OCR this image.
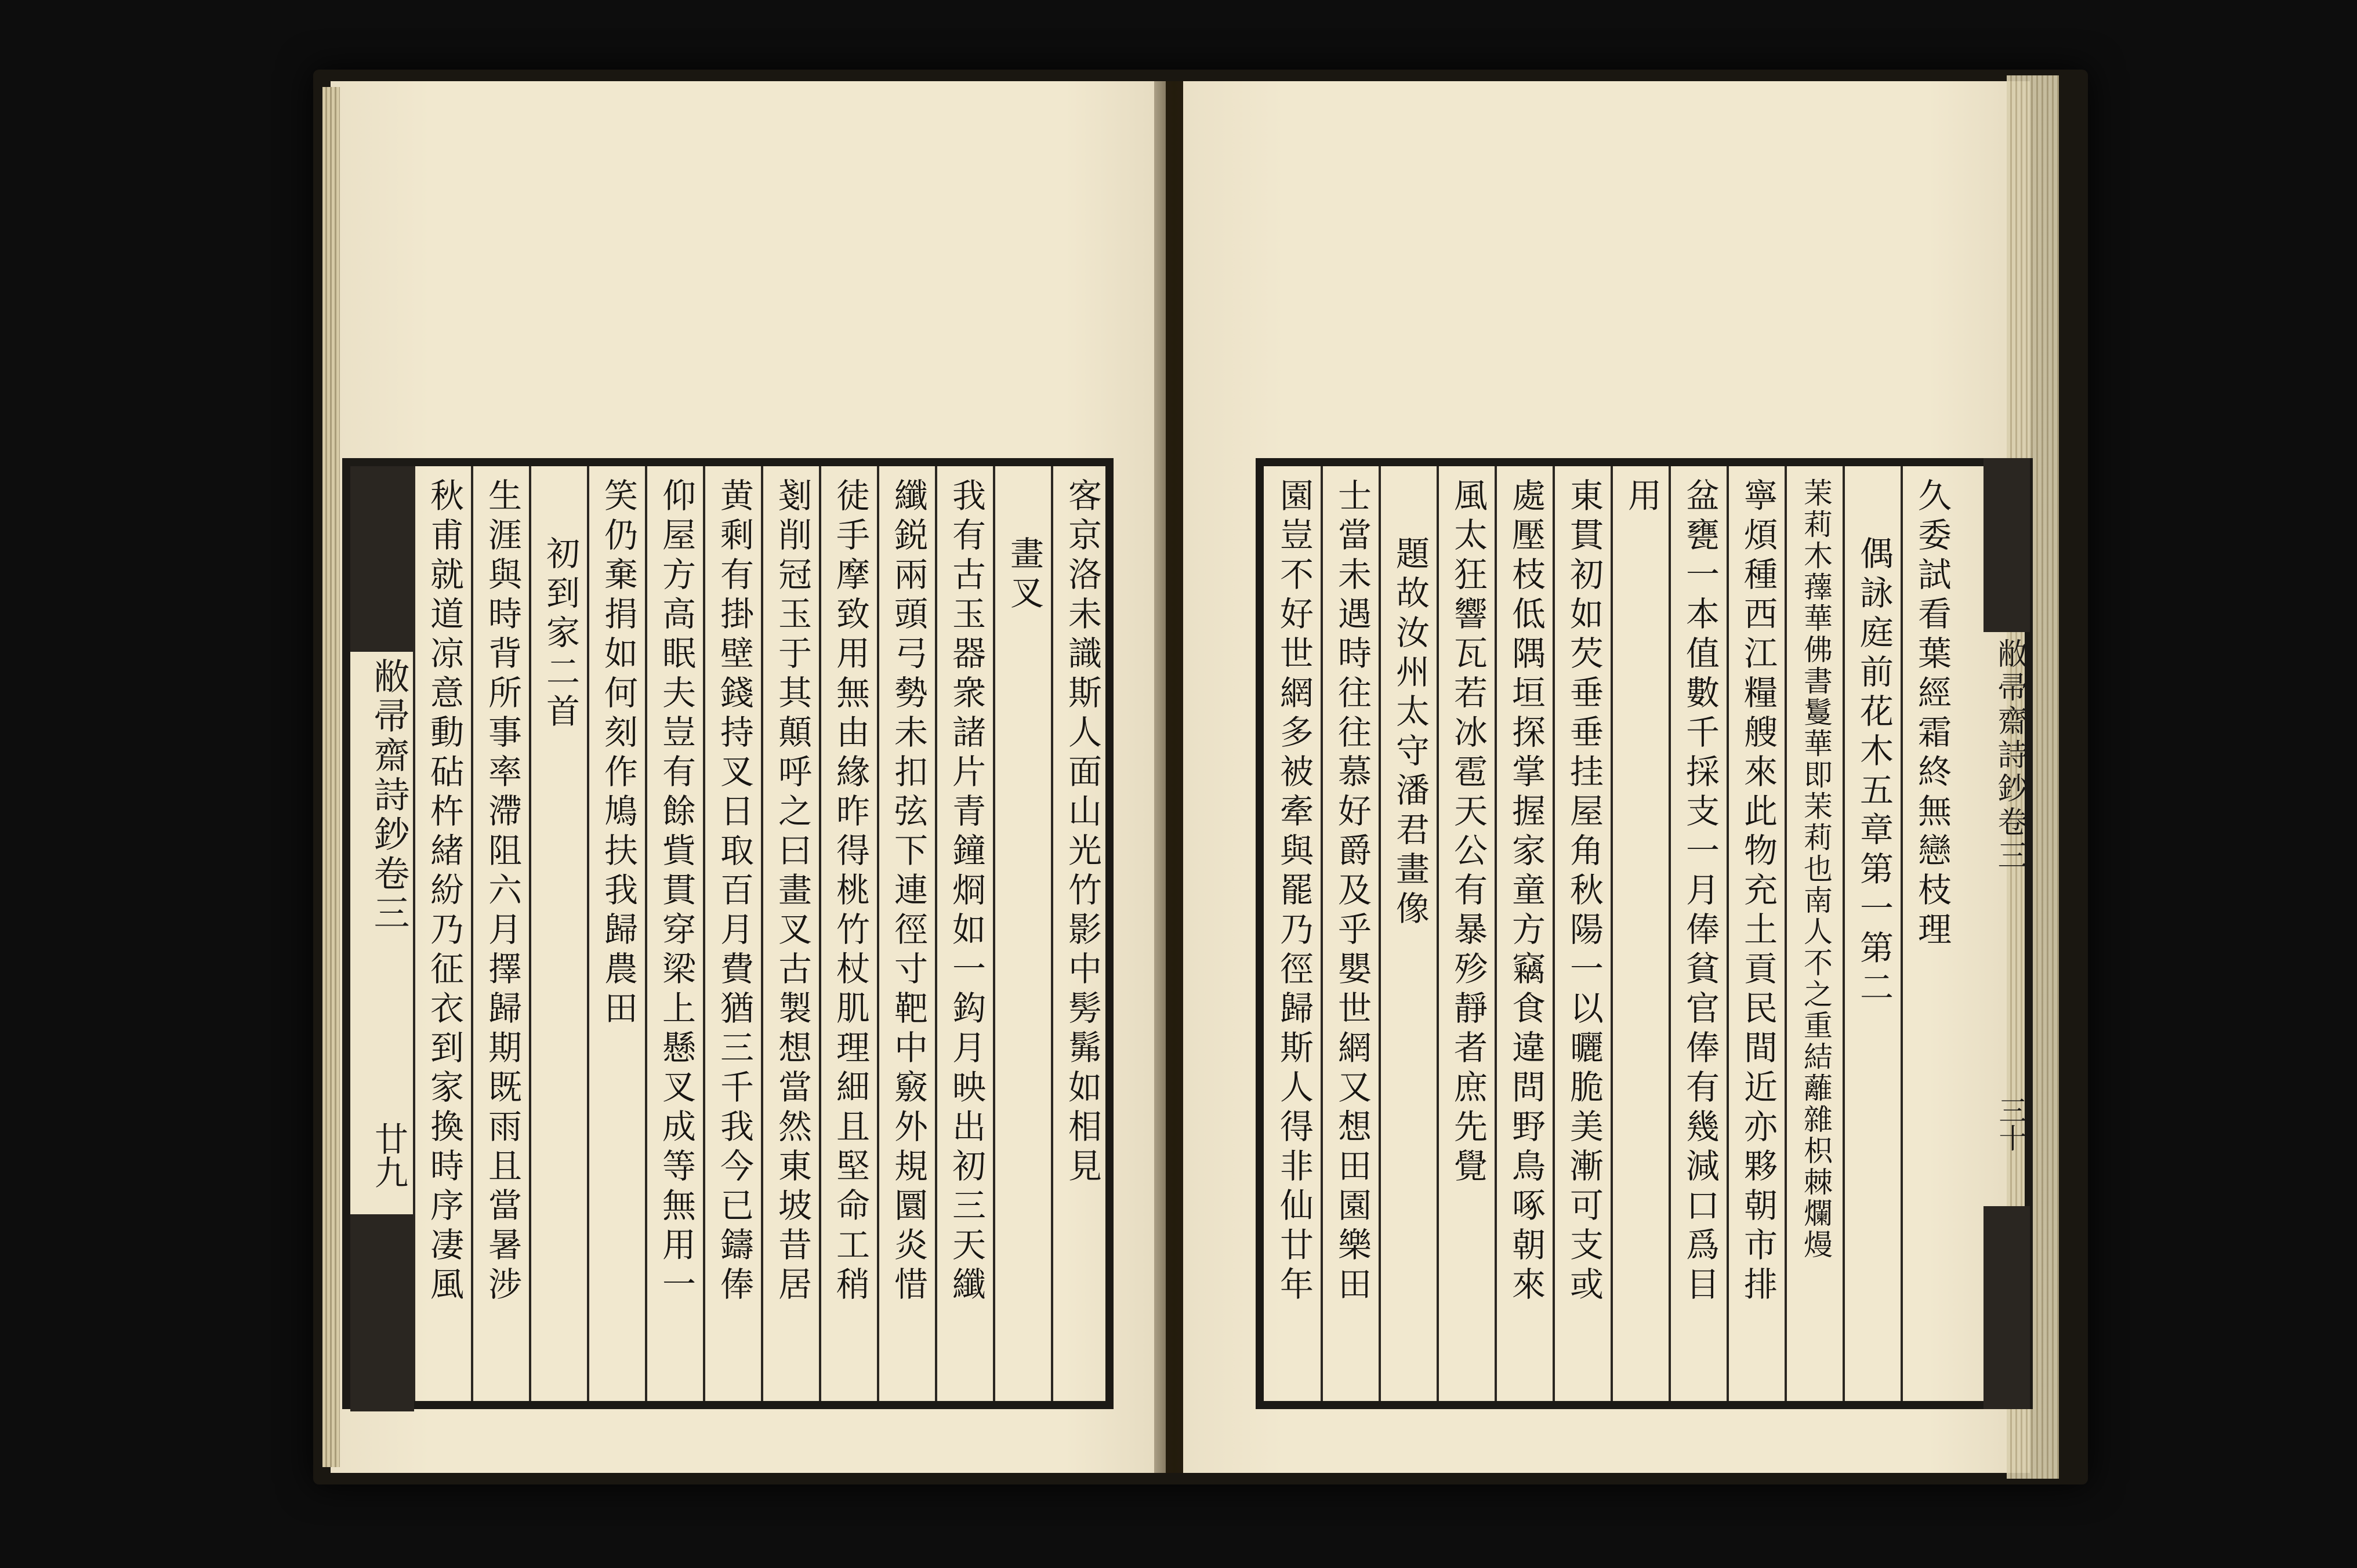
敝帚齋詩鈔卷三
廿九	客京洛未識斯人面山光竹影中髣髴如相見
畫叉
我有古玉器衆諸片青鐘烱如一鈎月映出初三天纖
纖鋭兩頭弓勢未扣弦下連徑寸靶中竅外規圜炎惜
徒手摩致用無由緣昨得桃竹杖肌理細且堅命工稍
剗削冠玉于其顛呼之曰畫叉古製想當然東坡昔居
黄剩有掛壁錢持叉日取百月費猶三千我今已鑄俸
仰屋方高眠夫豈有餘貲貫穿梁上懸叉成等無用一
笑仍棄捐如何刻作鳩扶我歸農田
初到家二首
生涯與時背所事率滯阻六月擇歸期既雨且當暑涉
秋甫就道凉意動砧杵緒紛乃征衣到家換時序凄風	久委試看葉經霜終無戀枝理
偶詠庭前花木五章第一第二
茉莉木蘀華佛書鬘華即茉莉也南人不之重結蘺雜枳棘爛熳
寧煩種西江糧艘來此物充土貢民間近亦夥朝市排
盆甕一本值數千採支一月俸貧官俸有幾減口爲目
用
東貫初如芡垂垂挂屋角秋陽一以曬脆美漸可支或
處壓枝低隅垣探掌握家童方竊食違問野鳥啄朝來
風太狂響瓦若冰雹天公有暴殄靜者庶先覺
題故汝州太守潘君畫像
士當未遇時往往慕好爵及乎嬰世網又想田園樂田
園豈不好世網多被牽與罷乃徑歸斯人得非仙廿年	敝帚齋詩鈔卷三
三十
